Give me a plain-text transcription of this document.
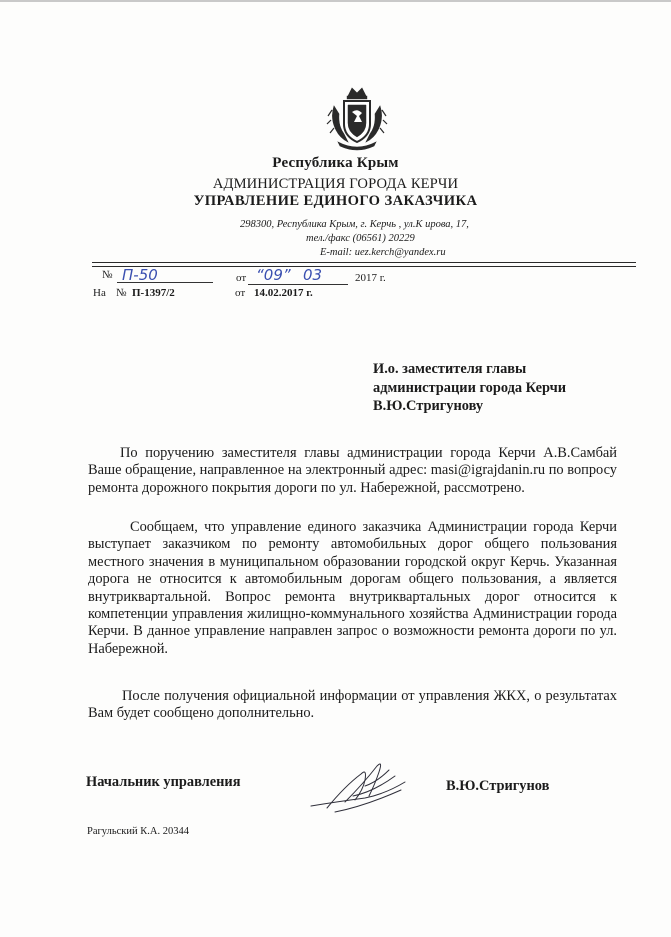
Республика Крым
АДМИНИСТРАЦИЯ ГОРОДА КЕРЧИ
УПРАВЛЕНИЕ ЕДИНОГО ЗАКАЗЧИКА
298300, Республика Крым, г. Керчь , ул.К ирова, 17,
тел./факс (06561) 20229
E-mail: uez.kerch@yandex.ru
№ П-50	от “09” 03	2017 г.
На № П-1397/2	от 14.02.2017 г.
И.о. заместителя главы
администрации города Керчи
В.Ю.Стригунову
По поручению заместителя главы администрации города Керчи А.В.Самбай Ваше обращение, направленное на электронный адрес: masi@igrajdanin.ru по вопросу ремонта дорожного покрытия дороги по ул. Набережной, рассмотрено.
Сообщаем, что управление единого заказчика Администрации города Керчи выступает заказчиком по ремонту автомобильных дорог общего пользования местного значения в муниципальном образовании городской округ Керчь. Указанная дорога не относится к автомобильным дорогам общего пользования, а является внутриквартальной. Вопрос ремонта внутриквартальных дорог относится к компетенции управления жилищно-коммунального хозяйства Администрации города Керчи. В данное управление направлен запрос о возможности ремонта дороги по ул. Набережной.
После получения официальной информации от управления ЖКХ, о результатах Вам будет сообщено дополнительно.
Начальник управления	В.Ю.Стригунов
Рагульский К.А. 20344
